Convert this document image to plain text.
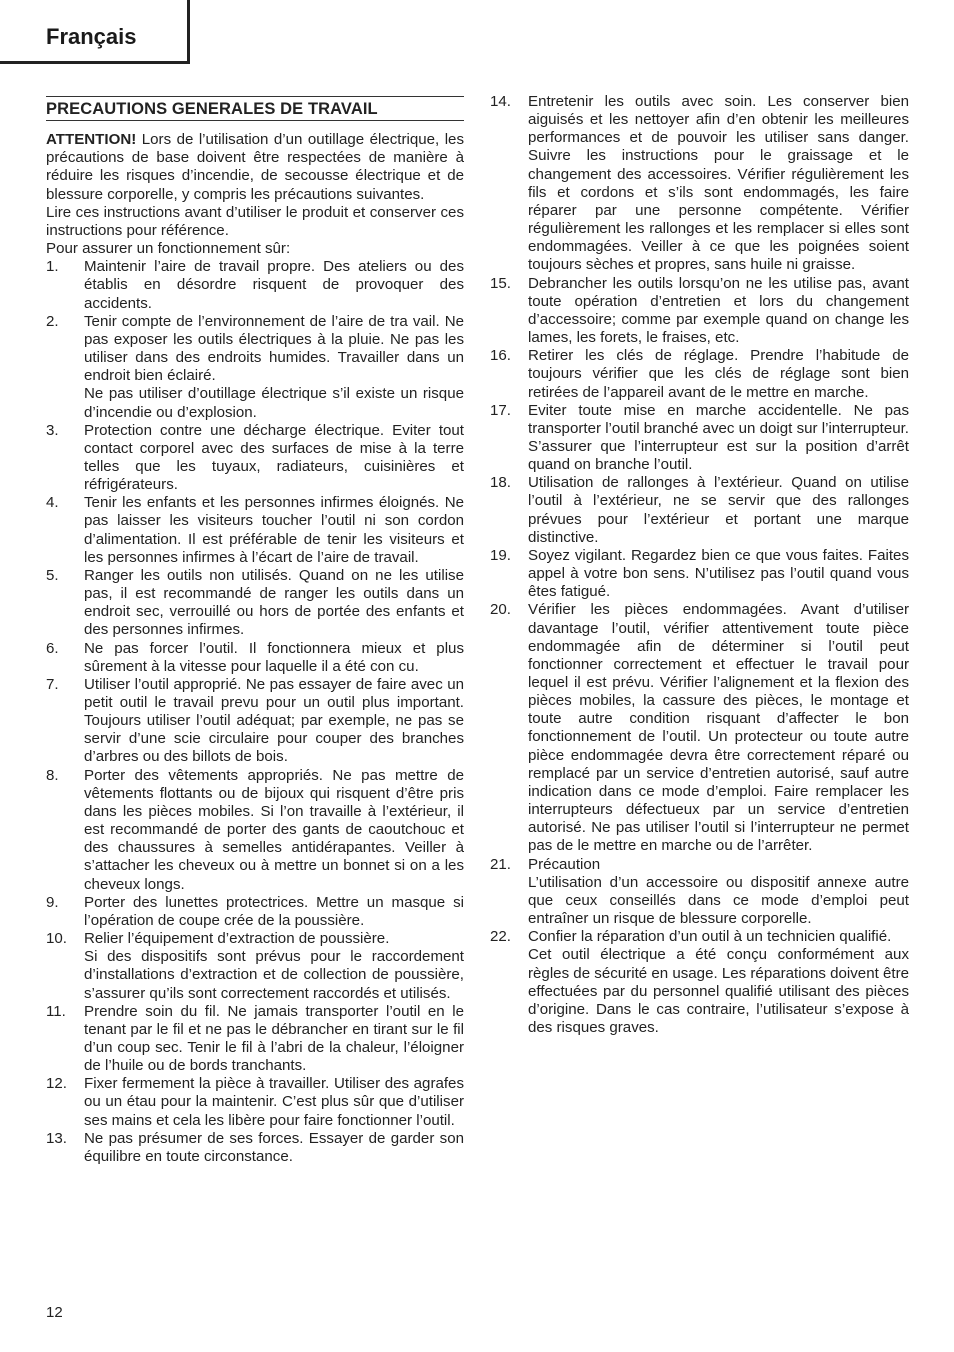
Français
PRECAUTIONS GENERALES DE TRAVAIL

ATTENTION! Lors de l’utilisation d’un outillage électrique, les précautions de base doivent être respectées de manière à réduire les risques d’incendie, de secousse électrique et de blessure corporelle, y compris les précautions suivantes.

Lire ces instructions avant d’utiliser le produit et conserver ces instructions pour référence.

Pour assurer un fonctionnement sûr:

1.	Maintenir l’aire de travail propre. Des ateliers ou des établis en désordre risquent de provoquer des accidents.

2.	Tenir compte de l’environnement de l’aire de tra vail. Ne pas exposer les outils électriques à la pluie. Ne pas les utiliser dans des endroits humides. Travailler dans un endroit bien éclairé.

Ne pas utiliser d’outillage électrique s’il existe un risque d’incendie ou d’explosion.

3.	Protection contre une décharge électrique. Eviter tout contact corporel avec des surfaces de mise à la terre telles que les tuyaux, radiateurs, cuisinières et réfrigérateurs.

4.	Tenir les enfants et les personnes infirmes éloignés. Ne pas laisser les visiteurs toucher l’outil ni son cordon d’alimentation. Il est préférable de tenir les visiteurs et les personnes infirmes à l’écart de l’aire de travail.

5.	Ranger les outils non utilisés. Quand on ne les utilise pas, il est recommandé de ranger les outils dans un endroit sec, verrouillé ou hors de portée des enfants et des personnes infirmes.

6.	Ne pas forcer l’outil. Il fonctionnera mieux et plus sûrement à la vitesse pour laquelle il a été con cu.

7.	Utiliser l’outil approprié. Ne pas essayer de faire avec un petit outil le travail prevu pour un outil plus important. Toujours utiliser l’outil adéquat; par exemple, ne pas se servir d’une scie circulaire pour couper des branches d’arbres ou des billots de bois.

8.	Porter des vêtements appropriés. Ne pas mettre de vêtements flottants ou de bijoux qui risquent d’être pris dans les pièces mobiles. Si l’on travaille à l’extérieur, il est recommandé de porter des gants de caoutchouc et des chaussures à semelles antidérapantes. Veiller à s’attacher les cheveux ou à mettre un bonnet si on a les cheveux longs.

9.	Porter des lunettes protectrices. Mettre un masque si l’opération de coupe crée de la poussière.

10.	Relier l’équipement d’extraction de poussière.

Si des dispositifs sont prévus pour le raccordement d’installations d’extraction et de collection de poussière, s’assurer qu’ils sont correctement raccordés et utilisés.

11.	Prendre soin du fil. Ne jamais transporter l’outil en le tenant par le fil et ne pas le débrancher en tirant sur le fil d’un coup sec. Tenir le fil à l’abri de la chaleur, l’éloigner de l’huile ou de bords tranchants.

12.	Fixer fermement la pièce à travailler. Utiliser des agrafes ou un étau pour la maintenir. C’est plus sûr que d’utiliser ses mains et cela les libère pour faire fonctionner l’outil.

13.	Ne pas présumer de ses forces. Essayer de garder son équilibre en toute circonstance.

14.	Entretenir les outils avec soin. Les conserver bien aiguisés et les nettoyer afin d’en obtenir les meilleures performances et de pouvoir les utiliser sans danger. Suivre les instructions pour le graissage et le changement des accessoires. Vérifier régulièrement les fils et cordons et s’ils sont endommagés, les faire réparer par une personne compétente. Vérifier régulièrement les rallonges et les remplacer si elles sont endommagées. Veiller à ce que les poignées soient toujours sèches et propres, sans huile ni graisse.

15.	Debrancher les outils lorsqu’on ne les utilise pas, avant toute opération d’entretien et lors du changement d’accessoire; comme par exemple quand on change les lames, les forets, le fraises, etc.

16.	Retirer les clés de réglage. Prendre l’habitude de toujours vérifier que les clés de réglage sont bien retirées de l’appareil avant de le mettre en marche.

17.	Eviter toute mise en marche accidentelle. Ne pas transporter l’outil branché avec un doigt sur l’interrupteur. S’assurer que l’interrupteur est sur la position d’arrêt quand on branche l’outil.

18.	Utilisation de rallonges à l’extérieur. Quand on utilise l’outil à l’extérieur, ne se servir que des rallonges prévues pour l’extérieur et portant une marque distinctive.

19.	Soyez vigilant. Regardez bien ce que vous faites. Faites appel à votre bon sens. N’utilisez pas l’outil quand vous êtes fatigué.

20.	Vérifier les pièces endommagées. Avant d’utiliser davantage l’outil, vérifier attentivement toute pièce endommagée afin de déterminer si l’outil peut fonctionner correctement et effectuer le travail pour lequel il est prévu. Vérifier l’alignement et la flexion des pièces mobiles, la cassure des pièces, le montage et toute autre condition risquant d’affecter le bon fonctionnement de l’outil. Un protecteur ou toute autre pièce endommagée devra être correctement réparé ou remplacé par un service d’entretien autorisé, sauf autre indication dans ce mode d’emploi. Faire remplacer les interrupteurs défectueux par un service d’entretien autorisé. Ne pas utiliser l’outil si l’interrupteur ne permet pas de le mettre en marche ou de l’arrêter.

21.	Précaution

L’utilisation d’un accessoire ou dispositif annexe autre que ceux conseillés dans ce mode d’emploi peut entraîner un risque de blessure corporelle.

22.	Confier la réparation d’un outil à un technicien qualifié.

Cet outil électrique a été conçu conformément aux règles de sécurité en usage. Les réparations doivent être effectuées par du personnel qualifié utilisant des pièces d’origine. Dans le cas contraire, l’utilisateur s’expose à des risques graves.

12
